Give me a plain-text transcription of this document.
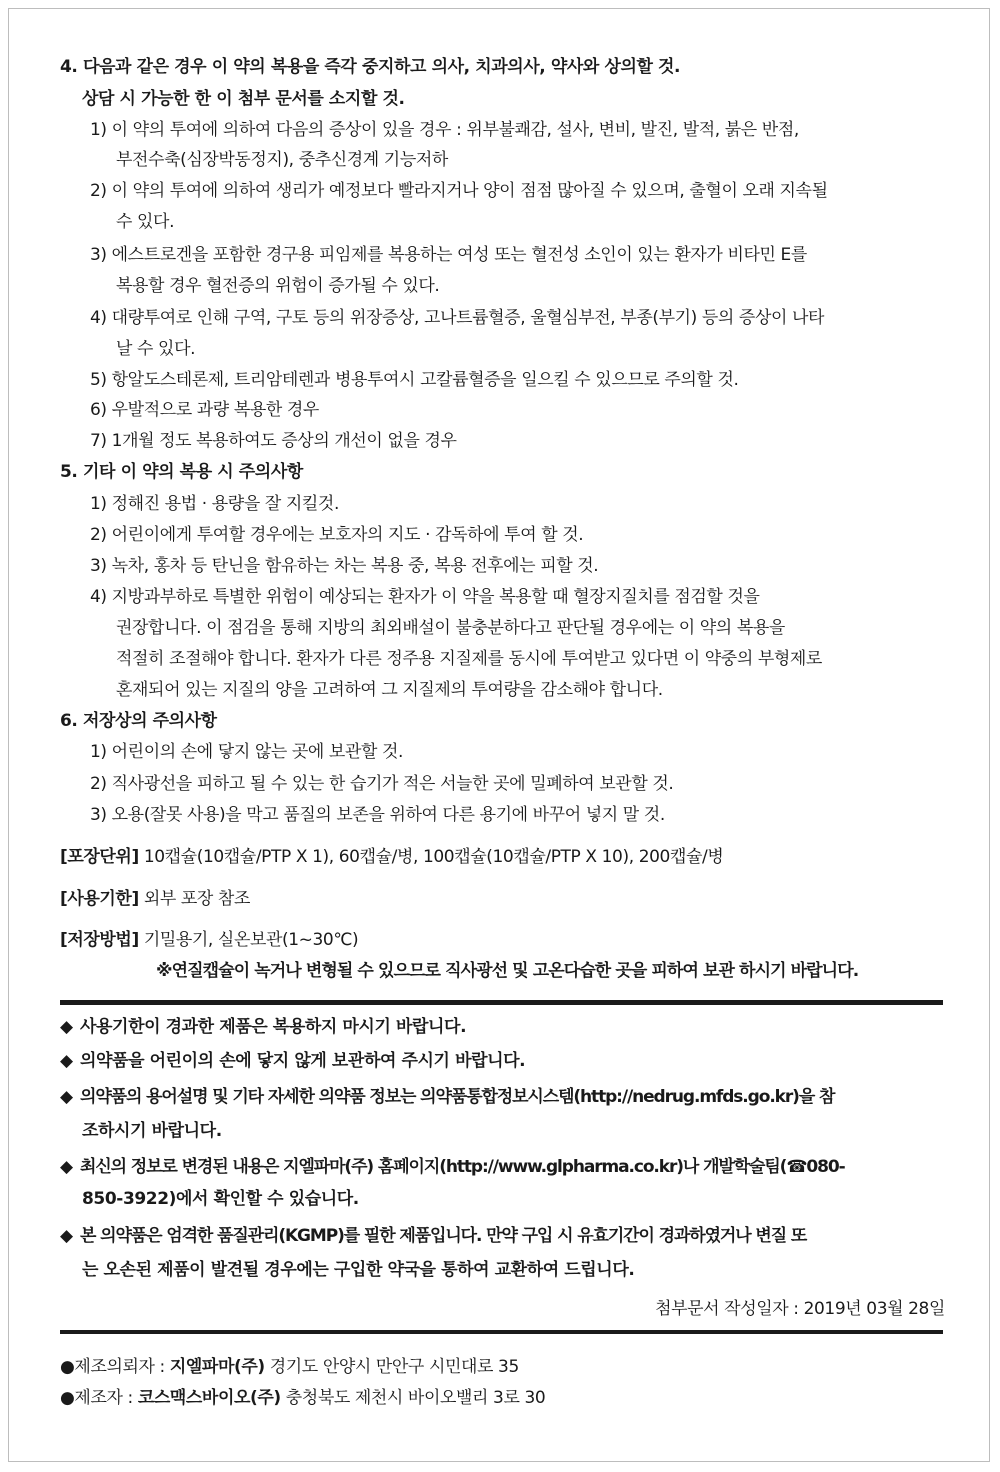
4. 다음과 같은 경우 이 약의 복용을 즉각 중지하고 의사, 치과의사, 약사와 상의할 것.
상담 시 가능한 한 이 첨부 문서를 소지할 것.
1) 이 약의 투여에 의하여 다음의 증상이 있을 경우 : 위부불쾌감, 설사, 변비, 발진, 발적, 붉은 반점,
부전수축(심장박동정지), 중추신경계 기능저하
2) 이 약의 투여에 의하여 생리가 예정보다 빨라지거나 양이 점점 많아질 수 있으며, 출혈이 오래 지속될
수 있다.
3) 에스트로겐을 포함한 경구용 피임제를 복용하는 여성 또는 혈전성 소인이 있는 환자가 비타민 E를
복용할 경우 혈전증의 위험이 증가될 수 있다.
4) 대량투여로 인해 구역, 구토 등의 위장증상, 고나트륨혈증, 울혈심부전, 부종(부기) 등의 증상이 나타
날 수 있다.
5) 항알도스테론제, 트리암테렌과 병용투여시 고칼륨혈증을 일으킬 수 있으므로 주의할 것.
6) 우발적으로 과량 복용한 경우
7) 1개월 정도 복용하여도 증상의 개선이 없을 경우
5. 기타 이 약의 복용 시 주의사항
1) 정해진 용법 · 용량을 잘 지킬것.
2) 어린이에게 투여할 경우에는 보호자의 지도 · 감독하에 투여 할 것.
3) 녹차, 홍차 등 탄닌을 함유하는 차는 복용 중, 복용 전후에는 피할 것.
4) 지방과부하로 특별한 위험이 예상되는 환자가 이 약을 복용할 때 혈장지질치를 점검할 것을
권장합니다. 이 점검을 통해 지방의 최외배설이 불충분하다고 판단될 경우에는 이 약의 복용을
적절히 조절해야 합니다. 환자가 다른 정주용 지질제를 동시에 투여받고 있다면 이 약중의 부형제로
혼재되어 있는 지질의 양을 고려하여 그 지질제의 투여량을 감소해야 합니다.
6. 저장상의 주의사항
1) 어린이의 손에 닿지 않는 곳에 보관할 것.
2) 직사광선을 피하고 될 수 있는 한 습기가 적은 서늘한 곳에 밀폐하여 보관할 것.
3) 오용(잘못 사용)을 막고 품질의 보존을 위하여 다른 용기에 바꾸어 넣지 말 것.
[포장단위] 10캡슐(10캡슐/PTP X 1), 60캡슐/병, 100캡슐(10캡슐/PTP X 10), 200캡슐/병
[사용기한] 외부 포장 참조
[저장방법] 기밀용기, 실온보관(1~30℃)
※연질캡슐이 녹거나 변형될 수 있으므로 직사광선 및 고온다습한 곳을 피하여 보관 하시기 바랍니다.
◆ 사용기한이 경과한 제품은 복용하지 마시기 바랍니다.
◆ 의약품을 어린이의 손에 닿지 않게 보관하여 주시기 바랍니다.
◆ 의약품의 용어설명 및 기타 자세한 의약품 정보는 의약품통합정보시스템(http://nedrug.mfds.go.kr)을 참
조하시기 바랍니다.
◆ 최신의 정보로 변경된 내용은 지엘파마(주) 홈페이지(http://www.glpharma.co.kr)나 개발학술팀(☎080-
850-3922)에서 확인할 수 있습니다.
◆ 본 의약품은 엄격한 품질관리(KGMP)를 필한 제품입니다. 만약 구입 시 유효기간이 경과하였거나 변질 또
는 오손된 제품이 발견될 경우에는 구입한 약국을 통하여 교환하여 드립니다.
첨부문서 작성일자 : 2019년 03월 28일
●제조의뢰자 : 지엘파마(주) 경기도 안양시 만안구 시민대로 35
●제조자 : 코스맥스바이오(주) 충청북도 제천시 바이오밸리 3로 30
